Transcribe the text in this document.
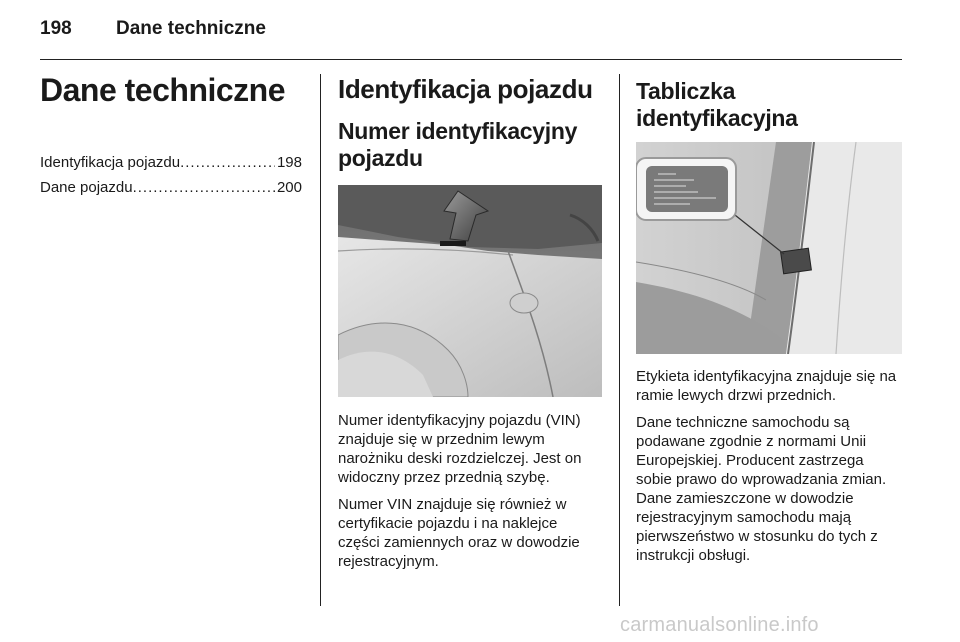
198 Dane techniczne
Dane techniczne
Identyfikacja pojazdu .....	198
Dane pojazdu .....	200
Identyfikacja pojazdu
Numer identyfikacyjny
pojazdu

Numer identyfikacyjny pojazdu (VIN) znajduje się w przednim lewym narożniku deski rozdzielczej. Jest on widoczny przez przednią szybę.

Numer VIN znajduje się również w certyfikacie pojazdu i na naklejce części zamiennych oraz w dowodzie rejestracyjnym.

Tabliczka identyfikacyjna

Etykieta identyfikacyjna znajduje się na ramie lewych drzwi przednich.

Dane techniczne samochodu są podawane zgodnie z normami Unii Europejskiej. Producent zastrzega sobie prawo do wprowadzania zmian. Dane zamieszczone w dowodzie rejestracyjnym samochodu mają pierwszeństwo w stosunku do tych z instrukcji obsługi.

carmanualsonline.info
